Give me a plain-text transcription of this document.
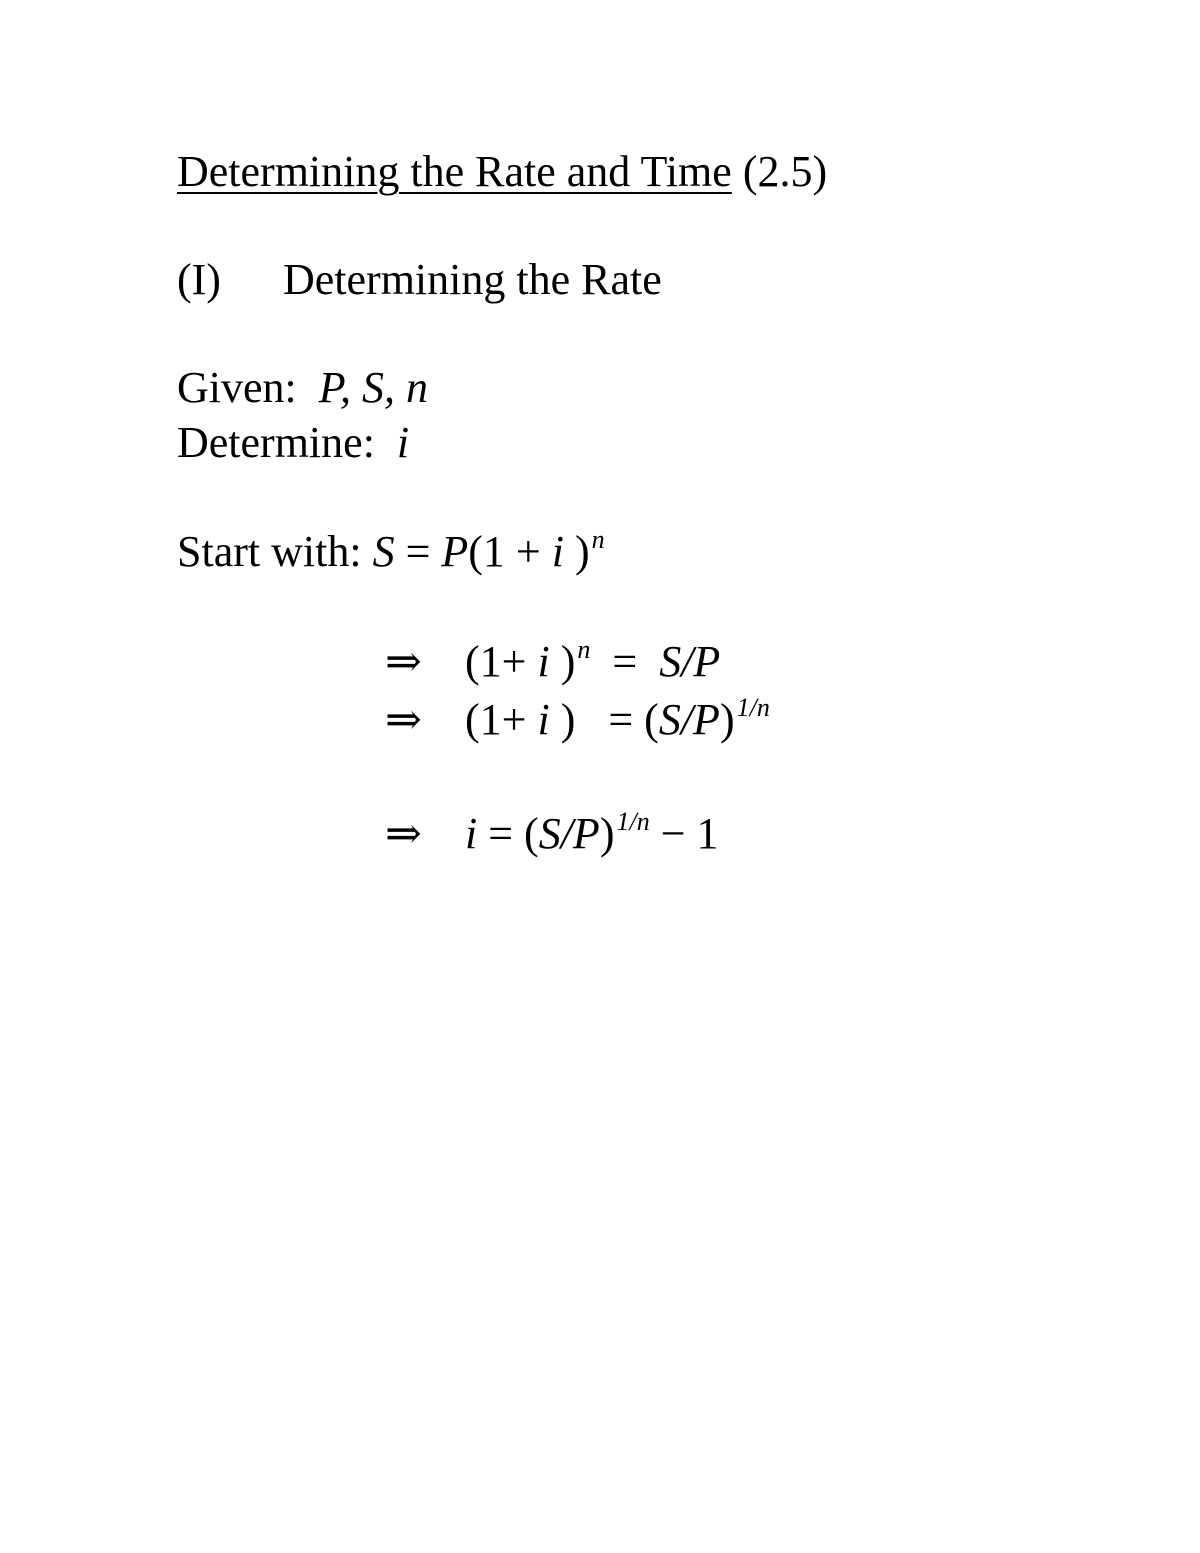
Determining the Rate and Time (2.5)
(I) Determining the Rate
Given: P, S, n
Determine: i
Start with: S = P(1 + i )$^n$
⇒ (1+ i )$^n$  =  S/P
⇒ (1+ i )   = $(S/P)^{1/n}$
⇒ $i = (S/P)^{1/n} - 1$
